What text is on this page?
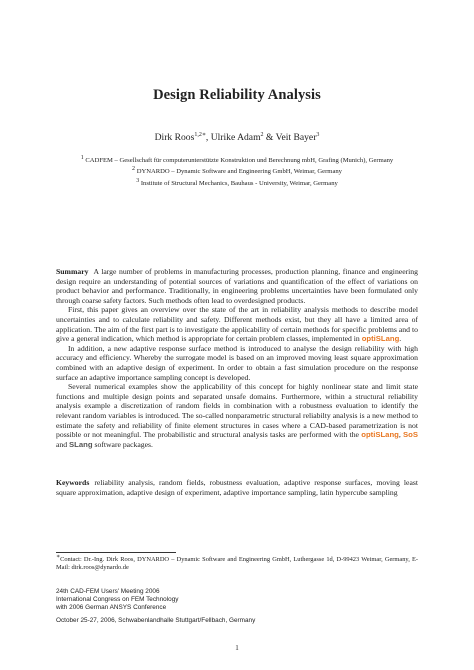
Design Reliability Analysis
Dirk Roos$^{1,2∗}$, Ulrike Adam$^2$ & Veit Bayer$^3$
$^1$ CADFEM – Gesellschaft für computerunterstützte Konstruktion und Berechnung mbH, Grafing (Munich), Germany
$^2$ DYNARDO – Dynamic Software and Engineering GmbH, Weimar, Germany
$^3$ Institute of Structural Mechanics, Bauhaus - University, Weimar, Germany

Summary A large number of problems in manufacturing processes, production planning, finance and engineering design require an understanding of potential sources of variations and quantification of the effect of variations on product behavior and performance. Traditionally, in engineering problems uncertainties have been formulated only through coarse safety factors. Such methods often lead to overdesigned products.

First, this paper gives an overview over the state of the art in reliability analysis methods to describe model uncertainties and to calculate reliability and safety. Different methods exist, but they all have a limited area of application. The aim of the first part is to investigate the applicability of certain methods for specific problems and to give a general indication, which method is appropriate for certain problem classes, implemented in optiSLang.

In addition, a new adaptive response surface method is introduced to analyse the design reliability with high accuracy and efficiency. Whereby the surrogate model is based on an improved moving least square approximation combined with an adaptive design of experiment. In order to obtain a fast simulation procedure on the response surface an adaptive importance sampling concept is developed.

Several numerical examples show the applicability of this concept for highly nonlinear state and limit state functions and multiple design points and separated unsafe domains. Furthermore, within a structural reliability analysis example a discretization of random fields in combination with a robustness evaluation to identify the relevant random variables is introduced. The so-called nonparametric structural reliabilty analysis is a new method to estimate the safety and reliability of finite element structures in cases where a CAD-based parametrization is not possible or not meaningful. The probabilistic and structural analysis tasks are performed with the optiSLang, SoS and SLang software packages.

Keywords reliability analysis, random fields, robustness evaluation, adaptive response surfaces, moving least square approximation, adaptive design of experiment, adaptive importance sampling, latin hypercube sampling

∗Contact: Dr.-Ing. Dirk Roos, DYNARDO – Dynamic Software and Engineering GmbH, Luthergasse 1d, D-99423 Weimar, Germany, E-Mail: dirk.roos@dynardo.de
24th CAD-FEM Users' Meeting 2006
International Congress on FEM Technology
with 2006 German ANSYS Conference
October 25-27, 2006, Schwabenlandhalle Stuttgart/Fellbach, Germany
1
